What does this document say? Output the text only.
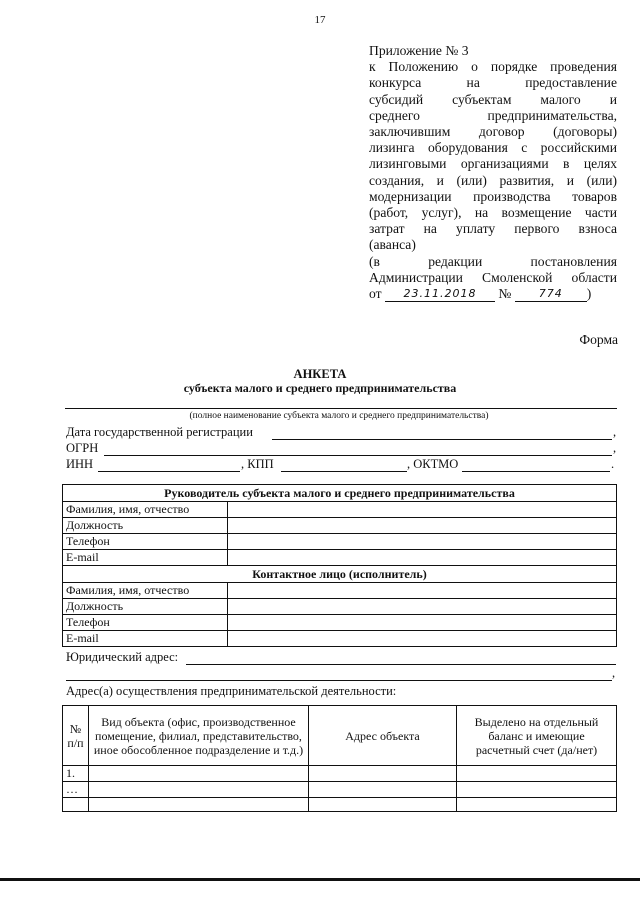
17
Приложение № 3
к Положению о порядке проведения
конкурса на предоставление
субсидий субъектам малого и
среднего предпринимательства,
заключившим договор (договоры)
лизинга оборудования с российскими
лизинговыми организациями в целях
создания, и (или) развития, и (или)
модернизации производства товаров
(работ, услуг), на возмещение части
затрат на уплату первого взноса
(аванса)
(в редакции постановления
Администрации Смоленской области
от 23.11.2018 № 774 )
Форма
АНКЕТА
субъекта малого и среднего предпринимательства
(полное наименование субъекта малого и среднего предпринимательства)
Дата государственной регистрации	,
ОГРН	,
ИНН	, КПП	, ОКТМО	.
Руководитель субъекта малого и среднего предпринимательства	
Фамилия, имя, отчество	
Должность	
Телефон	
E-mail	
Контактное лицо (исполнитель)	
Фамилия, имя, отчество	
Должность	
Телефон	
E-mail	
Юридический адрес:
,
Адрес(а) осуществления предпринимательской деятельности:
№ п/п	Вид объекта (офис, производственное помещение, филиал, представительство, иное обособленное подразделение и т.д.)	Адрес объекта	Выделено на отдельный баланс и имеющие расчетный счет (да/нет)
1.			
…			
